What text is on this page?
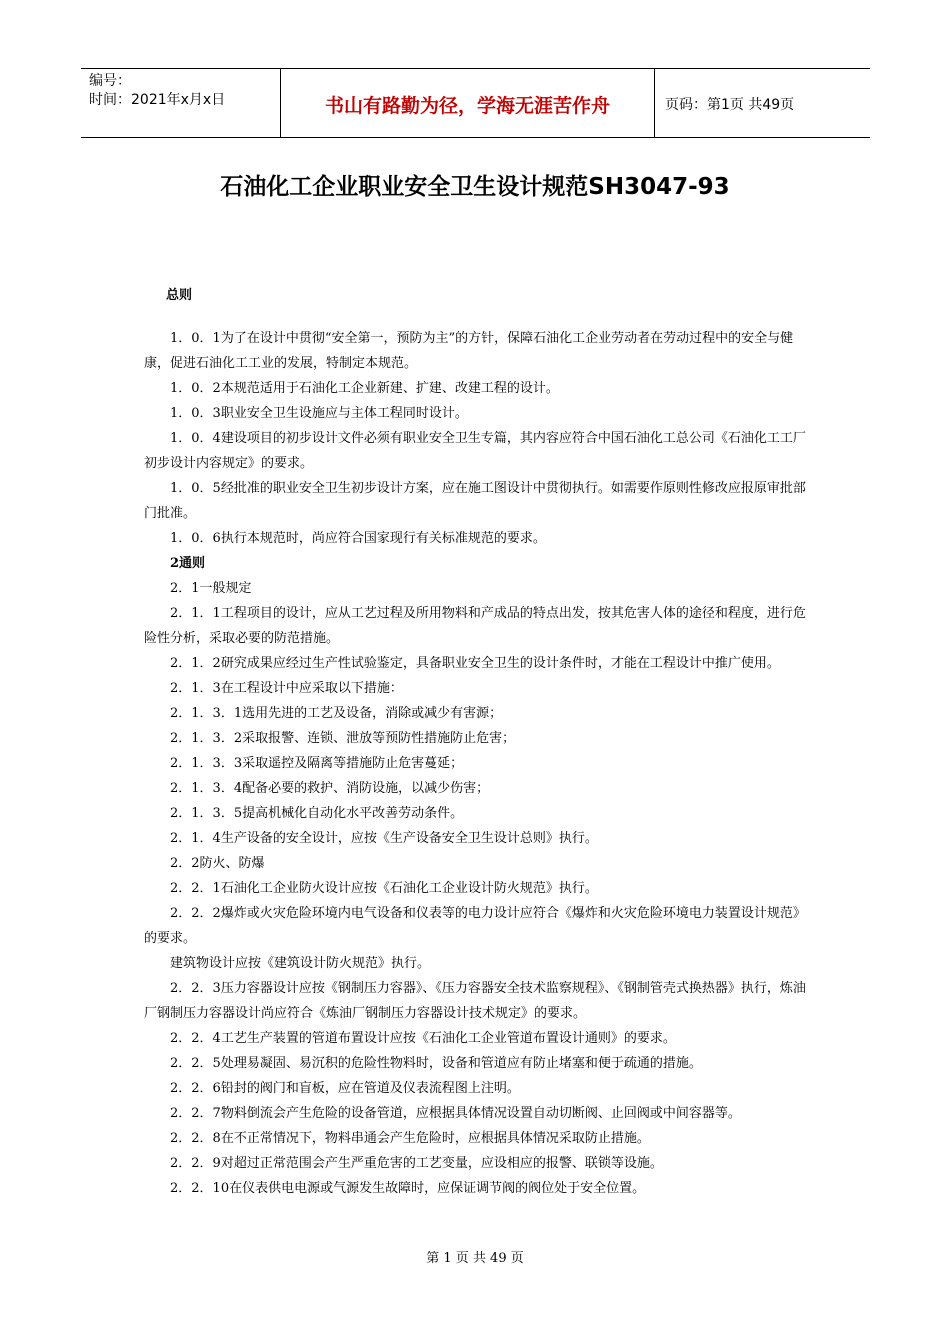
编号：
时间：2021年x月x日	书山有路勤为径，学海无涯苦作舟	页码：第1页 共49页
石油化工企业职业安全卫生设计规范SH3047-93
总则

1．0．1为了在设计中贯彻“安全第一，预防为主”的方针，保障石油化工企业劳动者在劳动过程中的安全与健康，促进石油化工工业的发展，特制定本规范。

1．0．2本规范适用于石油化工企业新建、扩建、改建工程的设计。

1．0．3职业安全卫生设施应与主体工程同时设计。

1．0．4建设项目的初步设计文件必须有职业安全卫生专篇，其内容应符合中国石油化工总公司《石油化工工厂初步设计内容规定》的要求。

1．0．5经批准的职业安全卫生初步设计方案，应在施工图设计中贯彻执行。如需要作原则性修改应报原审批部门批准。

1．0．6执行本规范时，尚应符合国家现行有关标准规范的要求。

2通则

2．1一般规定

2．1．1工程项目的设计，应从工艺过程及所用物料和产成品的特点出发，按其危害人体的途径和程度，进行危险性分析，采取必要的防范措施。

2．1．2研究成果应经过生产性试验鉴定，具备职业安全卫生的设计条件时，才能在工程设计中推广使用。

2．1．3在工程设计中应采取以下措施：

2．1．3．1选用先进的工艺及设备，消除或减少有害源；

2．1．3．2采取报警、连锁、泄放等预防性措施防止危害；

2．1．3．3采取遥控及隔离等措施防止危害蔓延；

2．1．3．4配备必要的救护、消防设施，以减少伤害；

2．1．3．5提高机械化自动化水平改善劳动条件。

2．1．4生产设备的安全设计，应按《生产设备安全卫生设计总则》执行。

2．2防火、防爆

2．2．1石油化工企业防火设计应按《石油化工企业设计防火规范》执行。

2．2．2爆炸或火灾危险环境内电气设备和仪表等的电力设计应符合《爆炸和火灾危险环境电力装置设计规范》的要求。

建筑物设计应按《建筑设计防火规范》执行。

2．2．3压力容器设计应按《钢制压力容器》、《压力容器安全技术监察规程》、《钢制管壳式换热器》执行，炼油厂钢制压力容器设计尚应符合《炼油厂钢制压力容器设计技术规定》的要求。

2．2．4工艺生产装置的管道布置设计应按《石油化工企业管道布置设计通则》的要求。

2．2．5处理易凝固、易沉积的危险性物料时，设备和管道应有防止堵塞和便于疏通的措施。

2．2．6铅封的阀门和盲板，应在管道及仪表流程图上注明。

2．2．7物料倒流会产生危险的设备管道，应根据具体情况设置自动切断阀、止回阀或中间容器等。

2．2．8在不正常情况下，物料串通会产生危险时，应根据具体情况采取防止措施。

2．2．9对超过正常范围会产生严重危害的工艺变量，应设相应的报警、联锁等设施。

2．2．10在仪表供电电源或气源发生故障时，应保证调节阀的阀位处于安全位置。

第 1 页 共 49 页
